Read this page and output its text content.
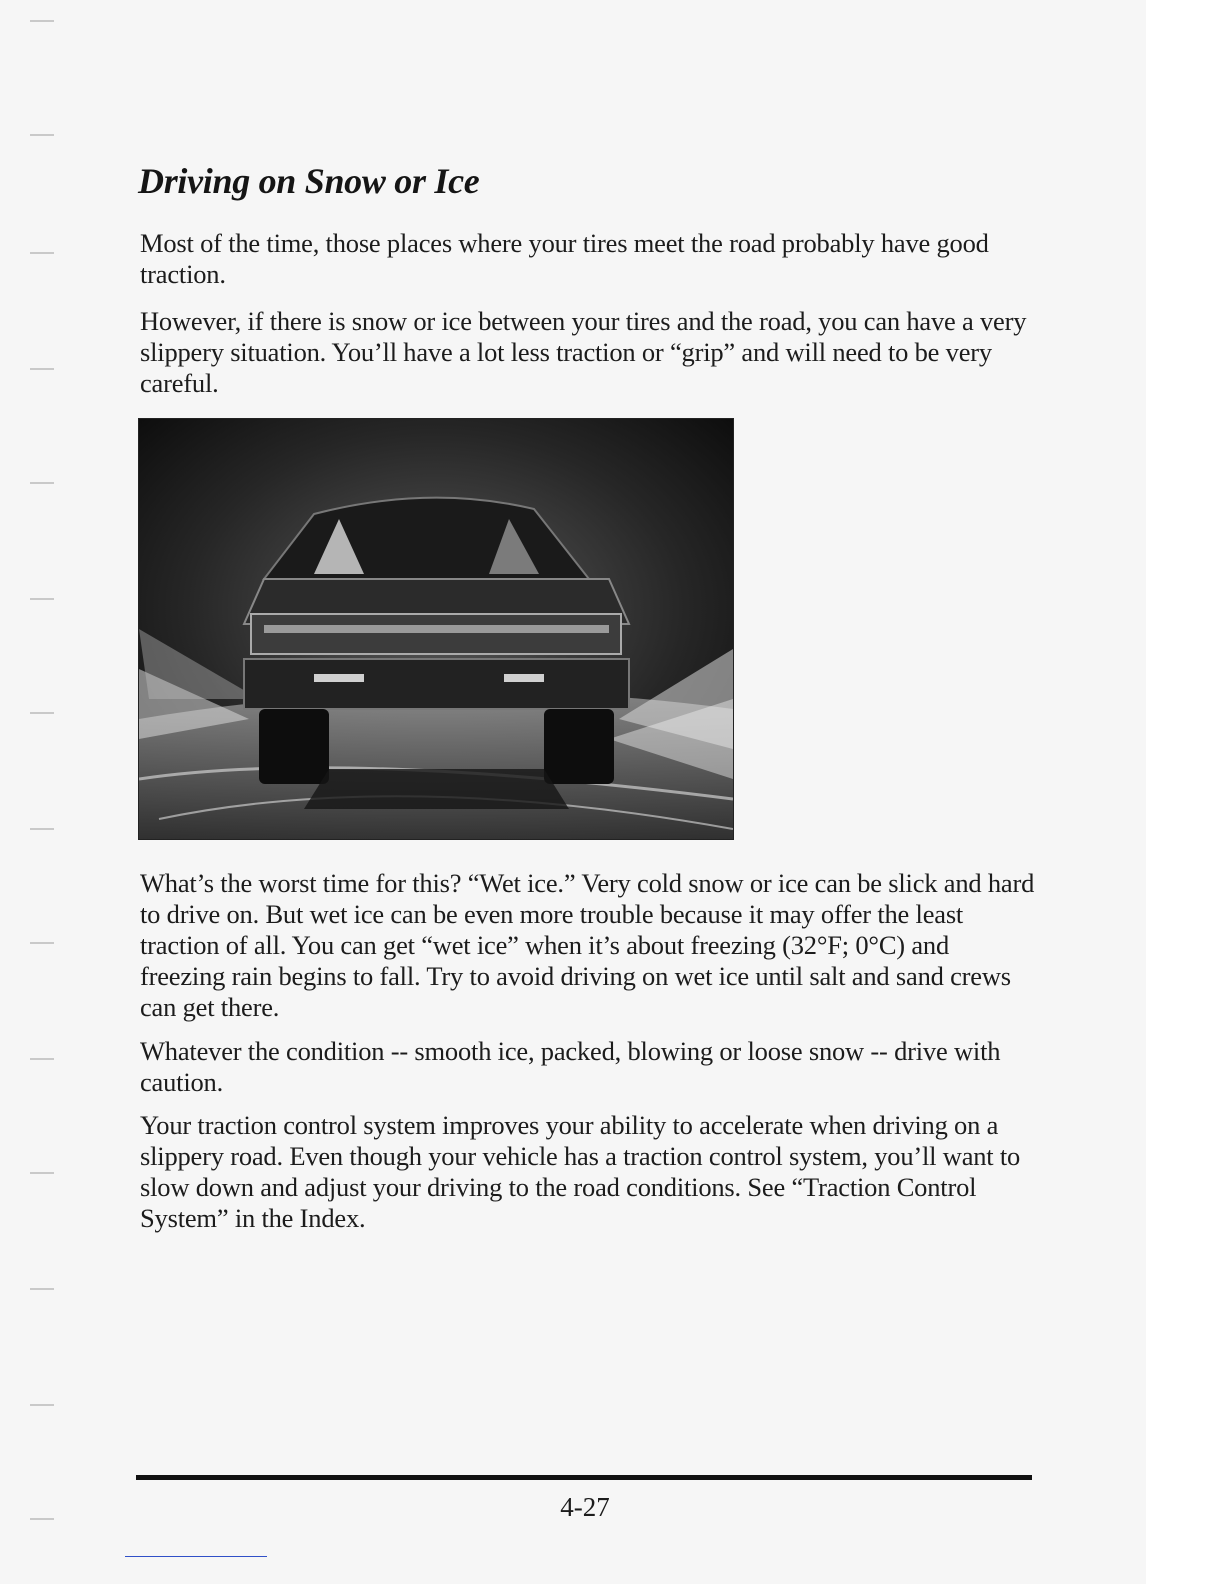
Driving on Snow or Ice

Most of the time, those places where your tires meet the road probably have good traction.

However, if there is snow or ice between your tires and the road, you can have a very slippery situation. You’ll have a lot less traction or “grip” and will need to be very careful.

What’s the worst time for this? “Wet ice.” Very cold snow or ice can be slick and hard to drive on. But wet ice can be even more trouble because it may offer the least traction of all. You can get “wet ice” when it’s about freezing (32°F; 0°C) and freezing rain begins to fall. Try to avoid driving on wet ice until salt and sand crews can get there.

Whatever the condition -- smooth ice, packed, blowing or loose snow -- drive with caution.

Your traction control system improves your ability to accelerate when driving on a slippery road. Even though your vehicle has a traction control system, you’ll want to slow down and adjust your driving to the road conditions. See “Traction Control System” in the Index.

4-27
